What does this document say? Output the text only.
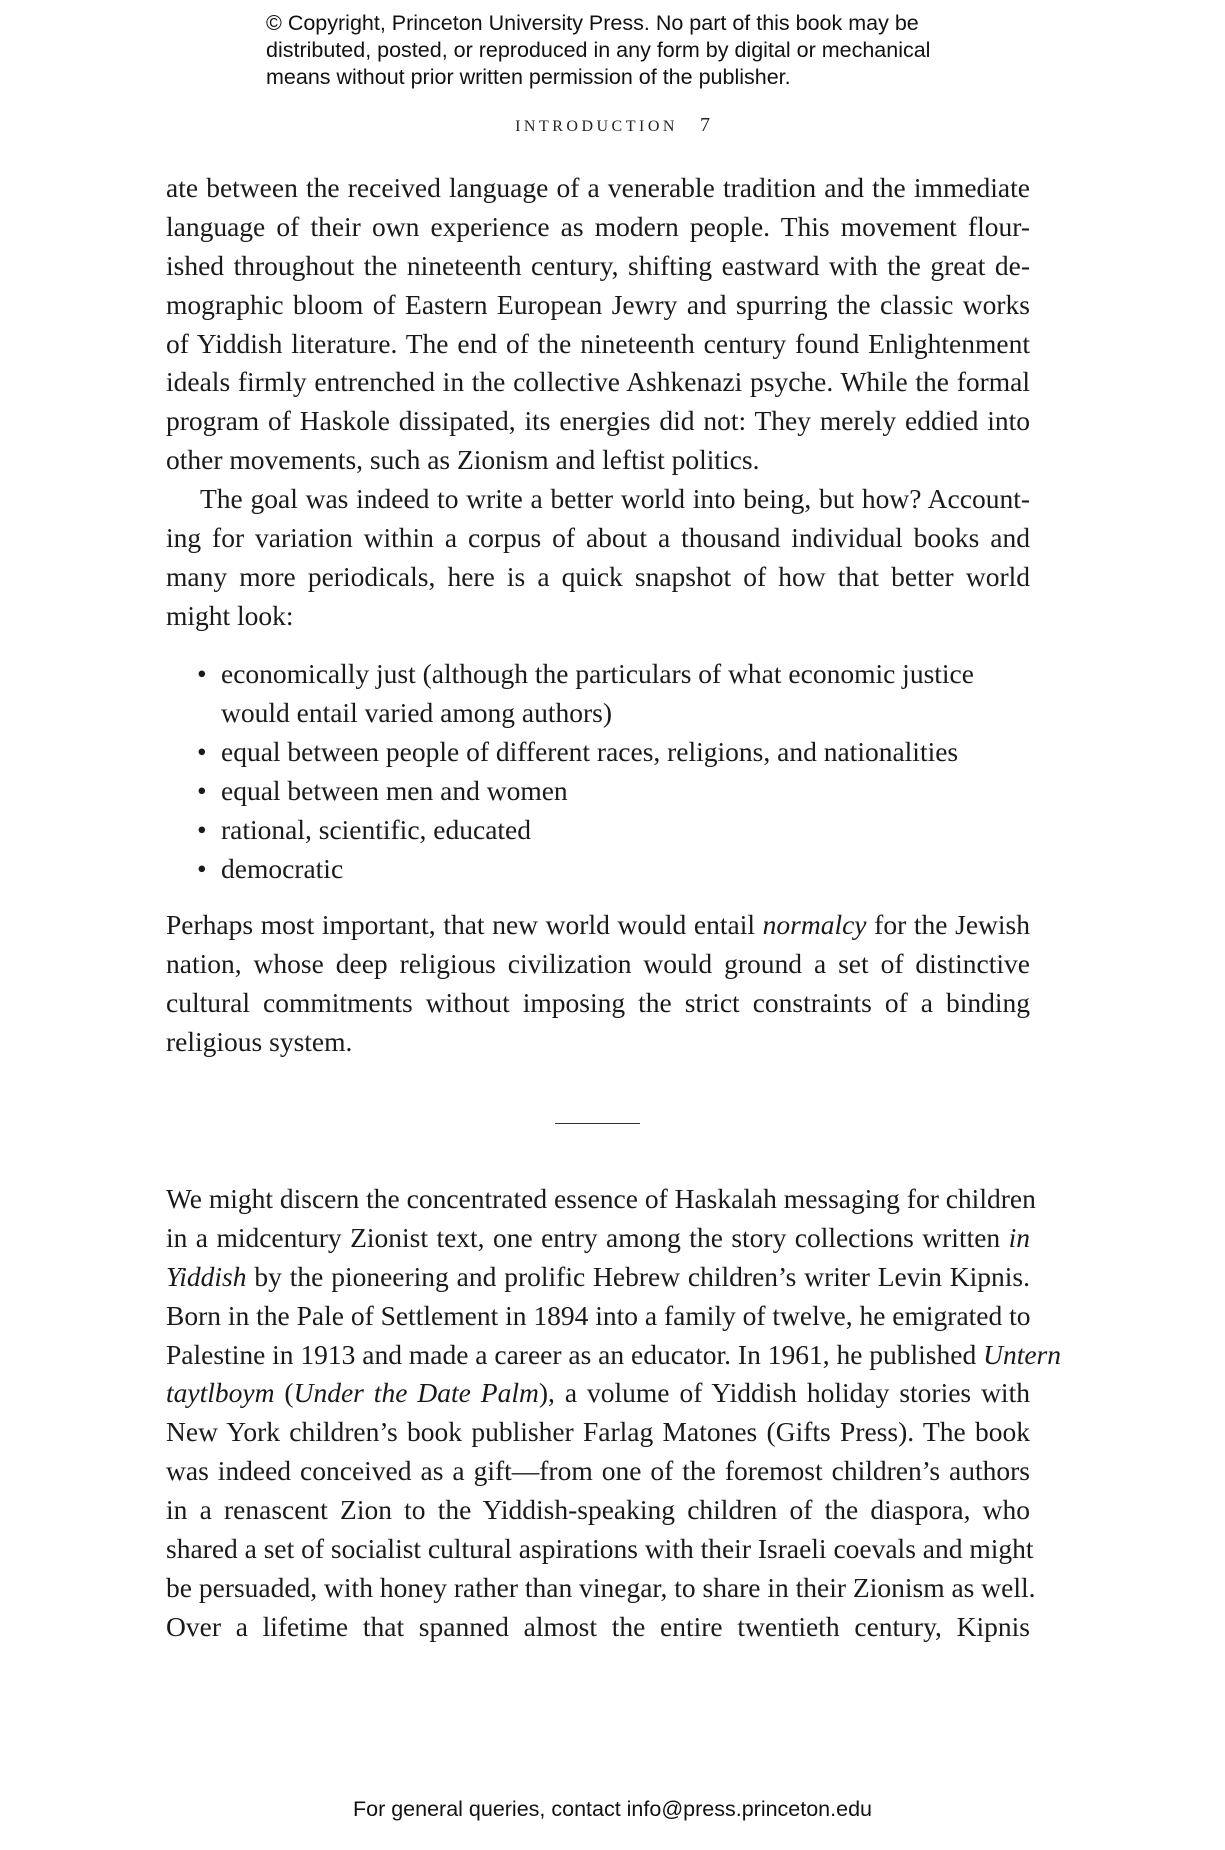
© Copyright, Princeton University Press. No part of this book may be
distributed, posted, or reproduced in any form by digital or mechanical
means without prior written permission of the publisher.
INTRODUCTION 7
ate between the received language of a venerable tradition and the immediate
language of their own experience as modern people. This movement flour-
ished throughout the nineteenth century, shifting eastward with the great de-
mographic bloom of Eastern European Jewry and spurring the classic works
of Yiddish literature. The end of the nineteenth century found Enlightenment
ideals firmly entrenched in the collective Ashkenazi psyche. While the formal
program of Haskole dissipated, its energies did not: They merely eddied into
other movements, such as Zionism and leftist politics.
The goal was indeed to write a better world into being, but how? Account-
ing for variation within a corpus of about a thousand individual books and
many more periodicals, here is a quick snapshot of how that better world
might look:
• economically just (although the particulars of what economic justice
would entail varied among authors)
• equal between people of different races, religions, and nationalities
• equal between men and women
• rational, scientific, educated
• democratic
Perhaps most important, that new world would entail normalcy for the Jewish
nation, whose deep religious civilization would ground a set of distinctive
cultural commitments without imposing the strict constraints of a binding
religious system.
We might discern the concentrated essence of Haskalah messaging for children
in a midcentury Zionist text, one entry among the story collections written in
Yiddish by the pioneering and prolific Hebrew children’s writer Levin Kipnis.
Born in the Pale of Settlement in 1894 into a family of twelve, he emigrated to
Palestine in 1913 and made a career as an educator. In 1961, he published Untern
taytlboym (Under the Date Palm), a volume of Yiddish holiday stories with
New York children’s book publisher Farlag Matones (Gifts Press). The book
was indeed conceived as a gift—from one of the foremost children’s authors
in a renascent Zion to the Yiddish-speaking children of the diaspora, who
shared a set of socialist cultural aspirations with their Israeli coevals and might
be persuaded, with honey rather than vinegar, to share in their Zionism as well.
Over a lifetime that spanned almost the entire twentieth century, Kipnis
For general queries, contact info@press.princeton.edu
